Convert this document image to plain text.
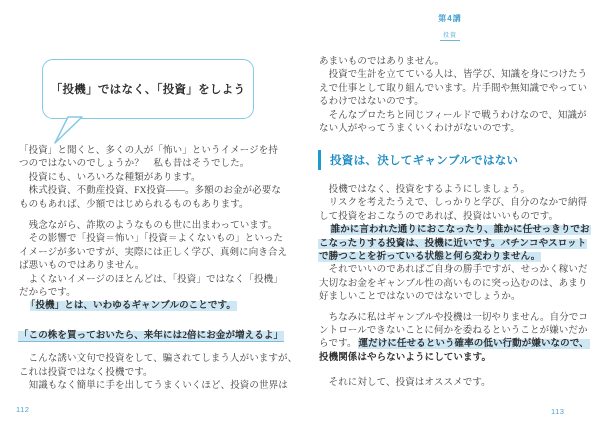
「投機」ではなく、「投資」をしよう
「投資」と聞くと、多くの人が「怖い」というイメージを持
つのではないのでしょうか？　私も昔はそうでした。
　投資にも、いろいろな種類があります。
　株式投資、不動産投資、FX投資——。多額のお金が必要な
ものもあれば、少額ではじめられるものもあります。
　残念ながら、詐欺のようなものも世に出まわっています。
　その影響で「投資＝怖い」「投資＝よくないもの」といった
イメージが多いですが、実際には正しく学び、真剣に向き合え
ば悪いものではありません。
　よくないイメージのほとんどは、「投資」ではなく「投機」
だからです。
　「投機」とは、いわゆるギャンブルのことです。
「この株を買っておいたら、来年には2倍にお金が増えるよ」
　こんな誘い文句で投資をして、騙されてしまう人がいますが、
これは投資ではなく投機です。
　知識もなく簡単に手を出してうまくいくほど、投資の世界は
112
第4講
投資
あまいものではありません。
　投資で生計を立てている人は、皆学び、知識を身につけたう
えで仕事として取り組んでいます。片手間や無知識でやってい
るわけではないのです。
　そんなプロたちと同じフィールドで戦うわけなので、知識が
ない人がやってうまくいくわけがないのです。
投資は、決してギャンブルではない
　投機ではなく、投資をするようにしましょう。
　リスクを考えたうえで、しっかりと学び、自分のなかで納得
して投資をおこなうのであれば、投資はいいものです。
　誰かに言われた通りにおこなったり、誰かに任せっきりでお
こなったりする投資は、投機に近いです。パチンコやスロット
で勝つことを祈っている状態と何ら変わりません。
　それでいいのであればご自身の勝手ですが、せっかく稼いだ
大切なお金をギャンブル性の高いものに突っ込むのは、あまり
好ましいことではないのではないでしょうか。
　ちなみに私はギャンブルや投機は一切やりません。自分でコ
ントロールできないことに何かを委ねるということが嫌いだか
らです。 運だけに任せるという確率の低い行動が嫌いなので、
投機関係はやらないようにしています。
　それに対して、投資はオススメです。
113
